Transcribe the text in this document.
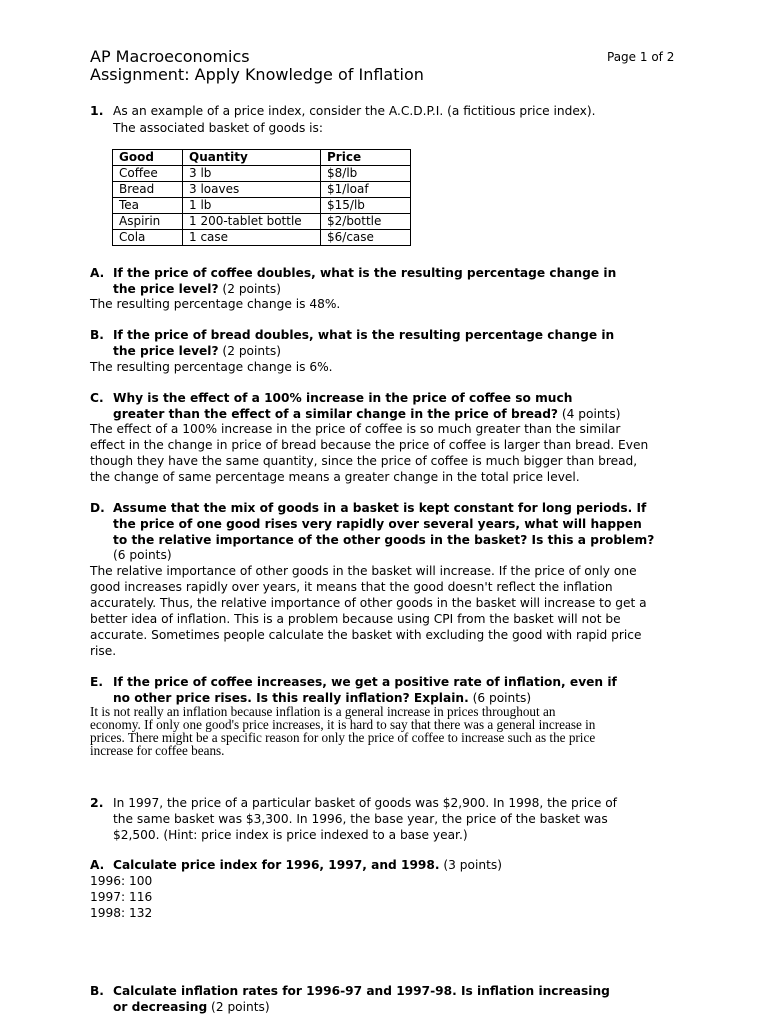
AP Macroeconomics
Assignment: Apply Knowledge of Inflation
Page 1 of 2
1. As an example of a price index, consider the A.C.D.P.I. (a fictitious price index).
The associated basket of goods is:
Good	Quantity	Price
Coffee	3 lb	$8/lb
Bread	3 loaves	$1/loaf
Tea	1 lb	$15/lb
Aspirin	1 200-tablet bottle	$2/bottle
Cola	1 case	$6/case
A. If the price of coffee doubles, what is the resulting percentage change in
the price level? (2 points)
The resulting percentage change is 48%.
B. If the price of bread doubles, what is the resulting percentage change in
the price level? (2 points)
The resulting percentage change is 6%.
C. Why is the effect of a 100% increase in the price of coffee so much
greater than the effect of a similar change in the price of bread? (4 points)
The effect of a 100% increase in the price of coffee is so much greater than the similar
effect in the change in price of bread because the price of coffee is larger than bread. Even
though they have the same quantity, since the price of coffee is much bigger than bread,
the change of same percentage means a greater change in the total price level.
D. Assume that the mix of goods in a basket is kept constant for long periods. If
the price of one good rises very rapidly over several years, what will happen
to the relative importance of the other goods in the basket? Is this a problem?
(6 points)
The relative importance of other goods in the basket will increase. If the price of only one
good increases rapidly over years, it means that the good doesn't reflect the inflation
accurately. Thus, the relative importance of other goods in the basket will increase to get a
better idea of inflation. This is a problem because using CPI from the basket will not be
accurate. Sometimes people calculate the basket with excluding the good with rapid price
rise.
E. If the price of coffee increases, we get a positive rate of inflation, even if
no other price rises. Is this really inflation? Explain. (6 points)
It is not really an inflation because inflation is a general increase in prices throughout an
economy. If only one good's price increases, it is hard to say that there was a general increase in
prices. There might be a specific reason for only the price of coffee to increase such as the price
increase for coffee beans.
2. In 1997, the price of a particular basket of goods was $2,900. In 1998, the price of
the same basket was $3,300. In 1996, the base year, the price of the basket was
$2,500. (Hint: price index is price indexed to a base year.)
A. Calculate price index for 1996, 1997, and 1998. (3 points)
1996: 100
1997: 116
1998: 132
B. Calculate inflation rates for 1996-97 and 1997-98. Is inflation increasing
or decreasing (2 points)
